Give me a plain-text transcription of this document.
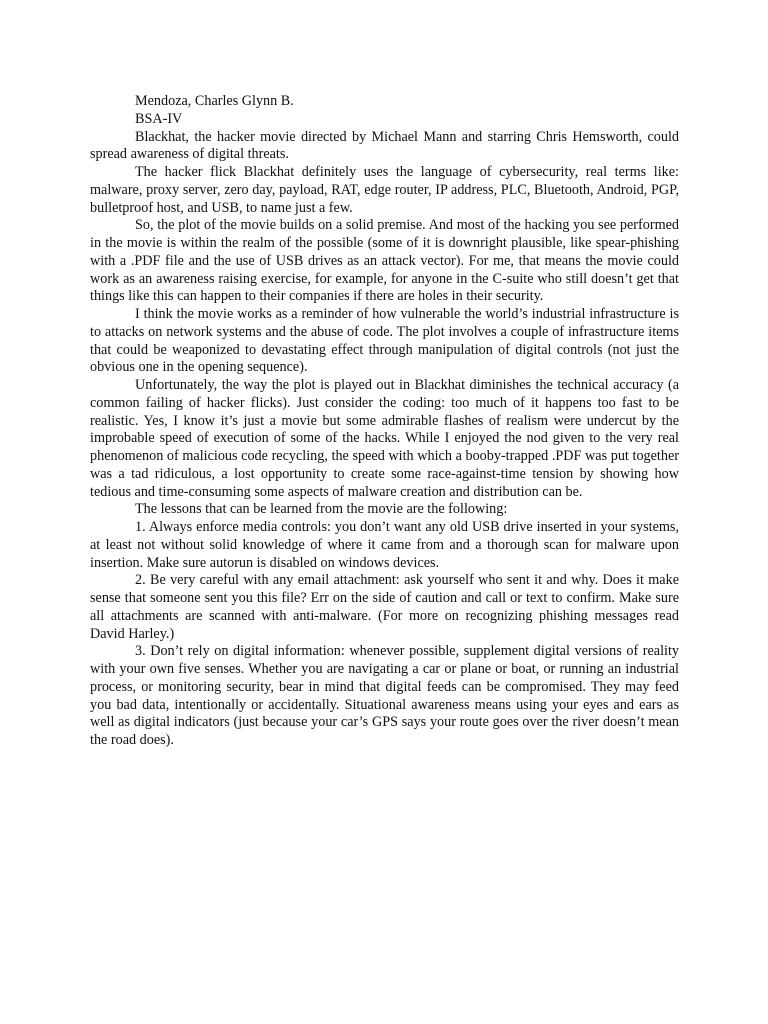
Mendoza, Charles Glynn B.

BSA-IV

Blackhat, the hacker movie directed by Michael Mann and starring Chris Hemsworth, could spread awareness of digital threats.

The hacker flick Blackhat definitely uses the language of cybersecurity, real terms like: malware, proxy server, zero day, payload, RAT, edge router, IP address, PLC, Bluetooth, Android, PGP, bulletproof host, and USB, to name just a few.

So, the plot of the movie builds on a solid premise. And most of the hacking you see performed in the movie is within the realm of the possible (some of it is downright plausible, like spear-phishing with a .PDF file and the use of USB drives as an attack vector). For me, that means the movie could work as an awareness raising exercise, for example, for anyone in the C-suite who still doesn’t get that things like this can happen to their companies if there are holes in their security.

I think the movie works as a reminder of how vulnerable the world’s industrial infrastructure is to attacks on network systems and the abuse of code. The plot involves a couple of infrastructure items that could be weaponized to devastating effect through manipulation of digital controls (not just the obvious one in the opening sequence).

Unfortunately, the way the plot is played out in Blackhat diminishes the technical accuracy (a common failing of hacker flicks). Just consider the coding: too much of it happens too fast to be realistic. Yes, I know it’s just a movie but some admirable flashes of realism were undercut by the improbable speed of execution of some of the hacks. While I enjoyed the nod given to the very real phenomenon of malicious code recycling, the speed with which a booby-trapped .PDF was put together was a tad ridiculous, a lost opportunity to create some race-against-time tension by showing how tedious and time-consuming some aspects of malware creation and distribution can be.

The lessons that can be learned from the movie are the following:

1. Always enforce media controls: you don’t want any old USB drive inserted in your systems, at least not without solid knowledge of where it came from and a thorough scan for malware upon insertion. Make sure autorun is disabled on windows devices.

2. Be very careful with any email attachment: ask yourself who sent it and why. Does it make sense that someone sent you this file? Err on the side of caution and call or text to confirm. Make sure all attachments are scanned with anti-malware. (For more on recognizing phishing messages read David Harley.)

3. Don’t rely on digital information: whenever possible, supplement digital versions of reality with your own five senses. Whether you are navigating a car or plane or boat, or running an industrial process, or monitoring security, bear in mind that digital feeds can be compromised. They may feed you bad data, intentionally or accidentally. Situational awareness means using your eyes and ears as well as digital indicators (just because your car’s GPS says your route goes over the river doesn’t mean the road does).
